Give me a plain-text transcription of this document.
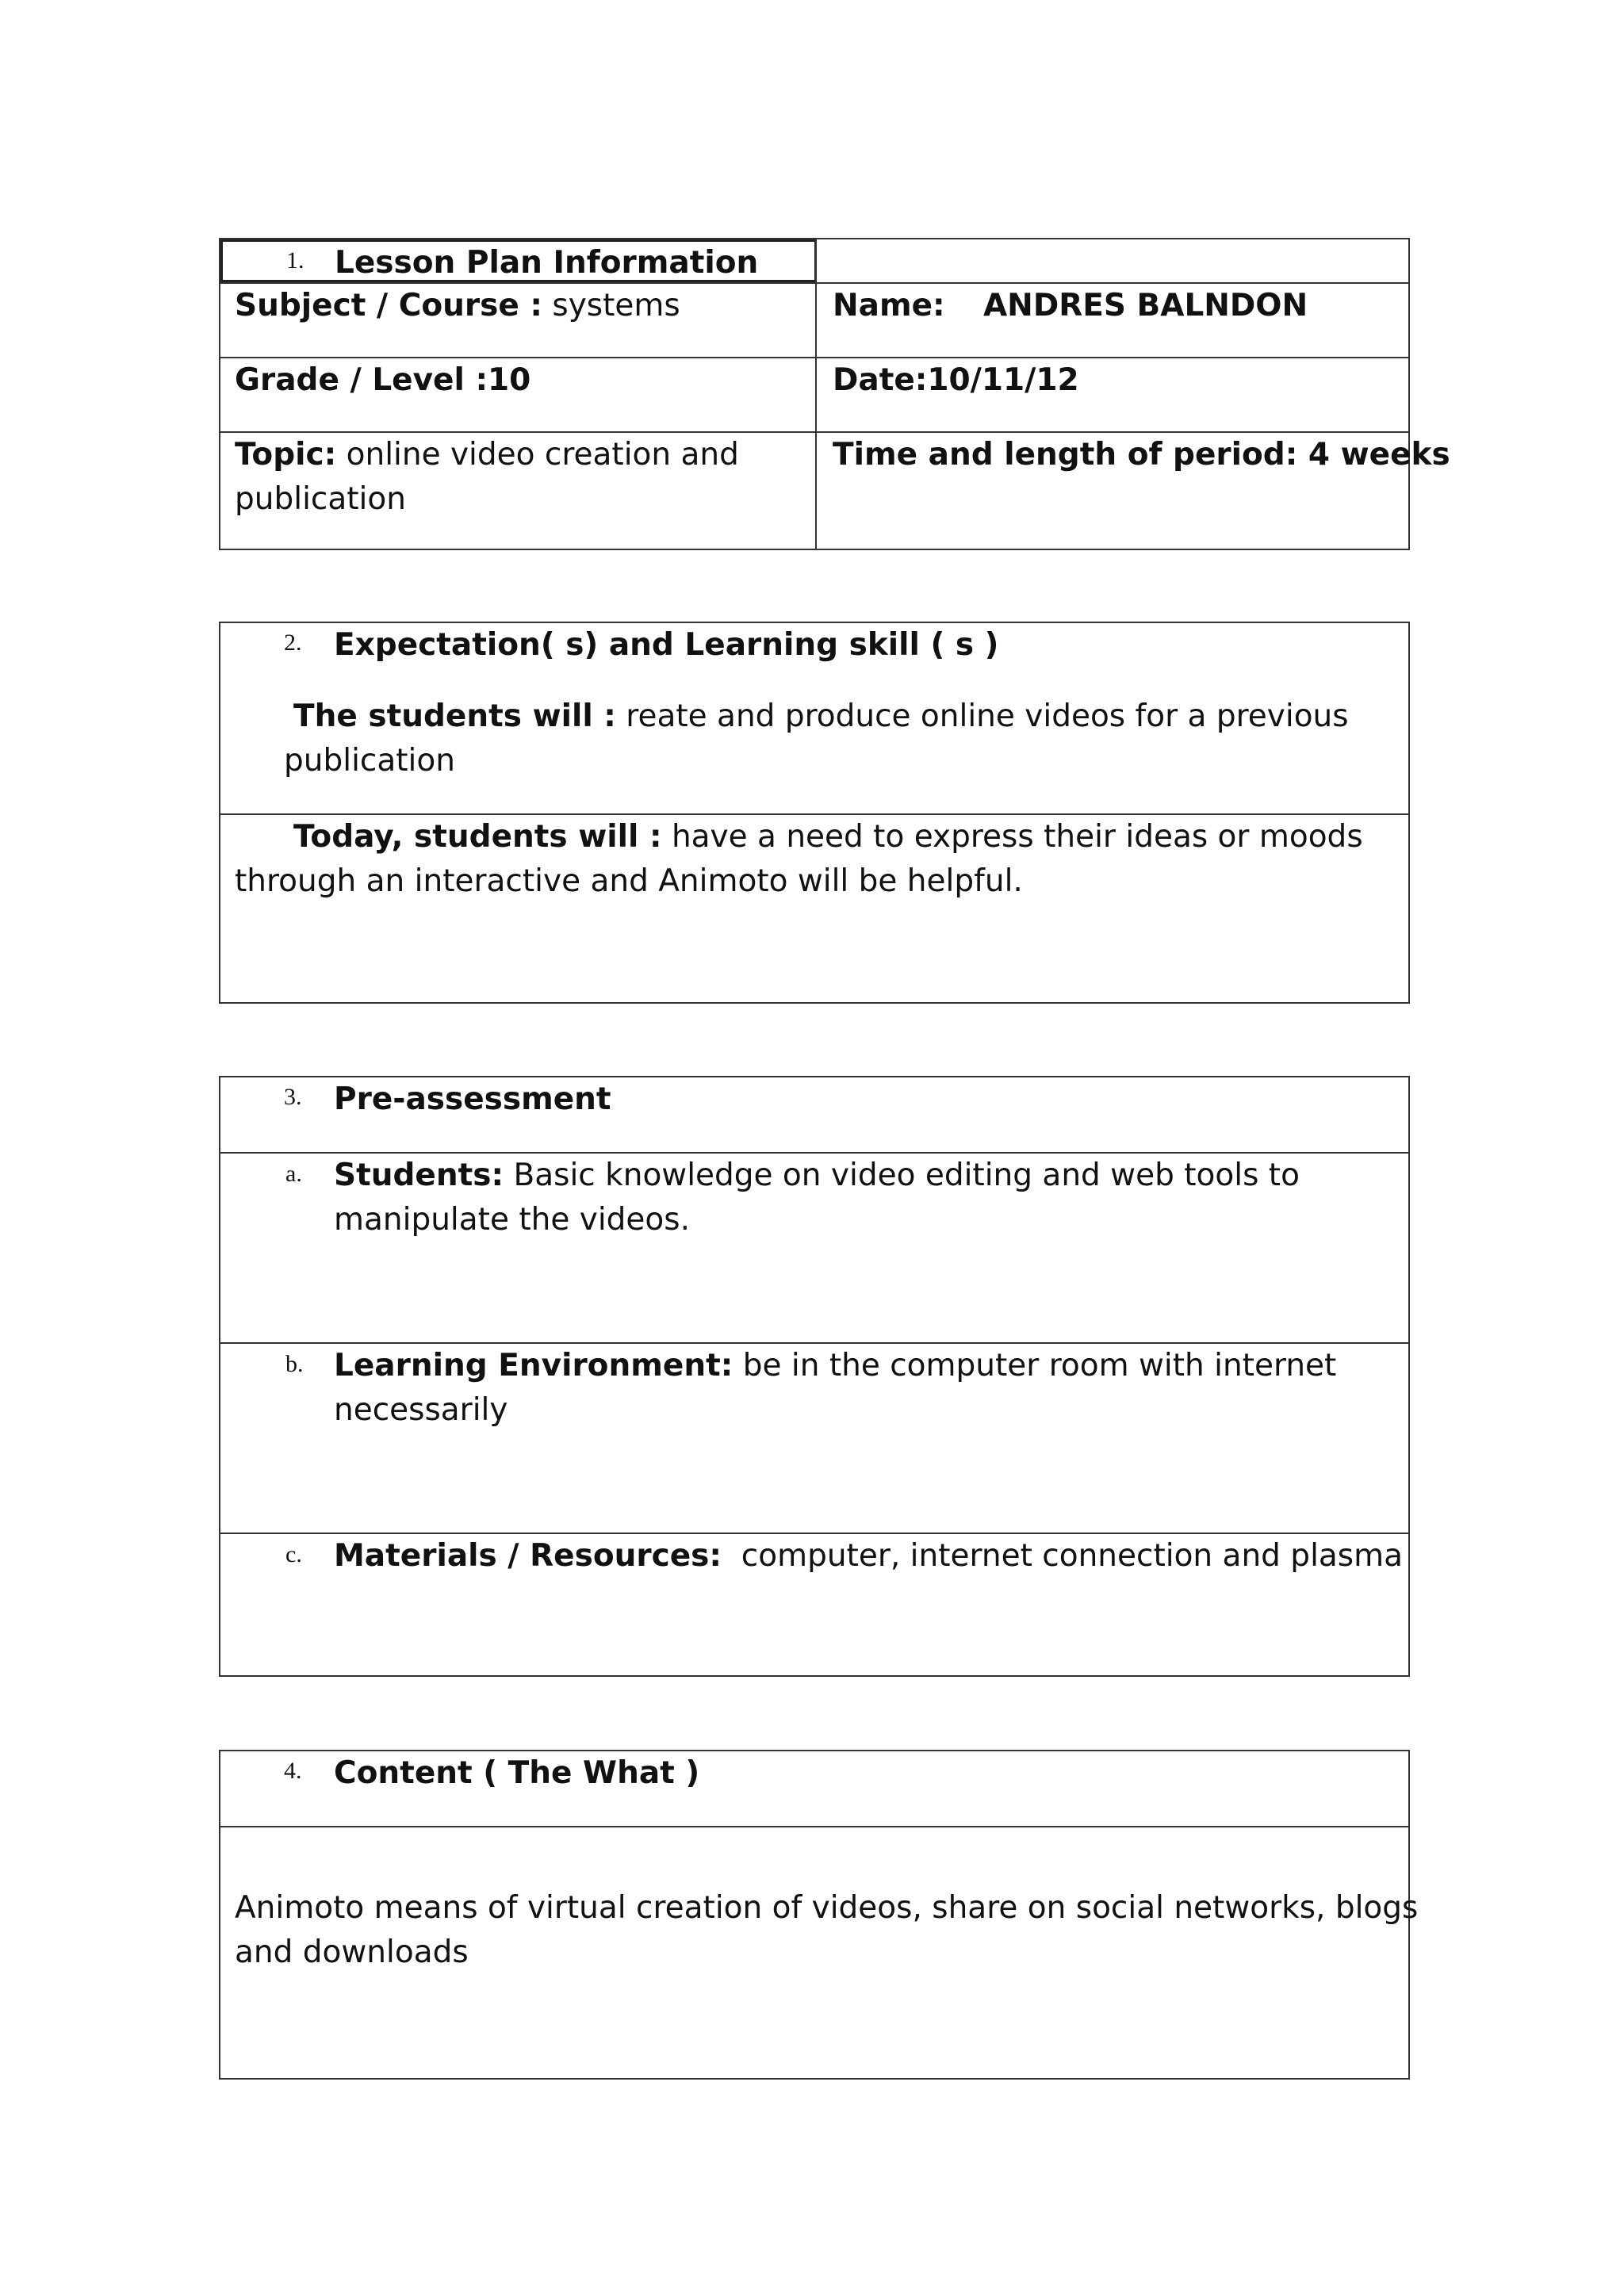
1. Lesson Plan Information
Subject / Course : systems	Name: ANDRES BALNDON
Grade / Level :10	Date:10/11/12
Topic: online video creation and
publication
Time and length of period: 4 weeks
2. Expectation( s) and Learning skill ( s )
The students will : reate and produce online videos for a previous
publication
Today, students will : have a need to express their ideas or moods
through an interactive and Animoto will be helpful.
3. Pre-assessment
a. Students: Basic knowledge on video editing and web tools to
manipulate the videos.
b. Learning Environment: be in the computer room with internet
necessarily
c. Materials / Resources:  computer, internet connection and plasma
4. Content ( The What )
Animoto means of virtual creation of videos, share on social networks, blogs
and downloads
